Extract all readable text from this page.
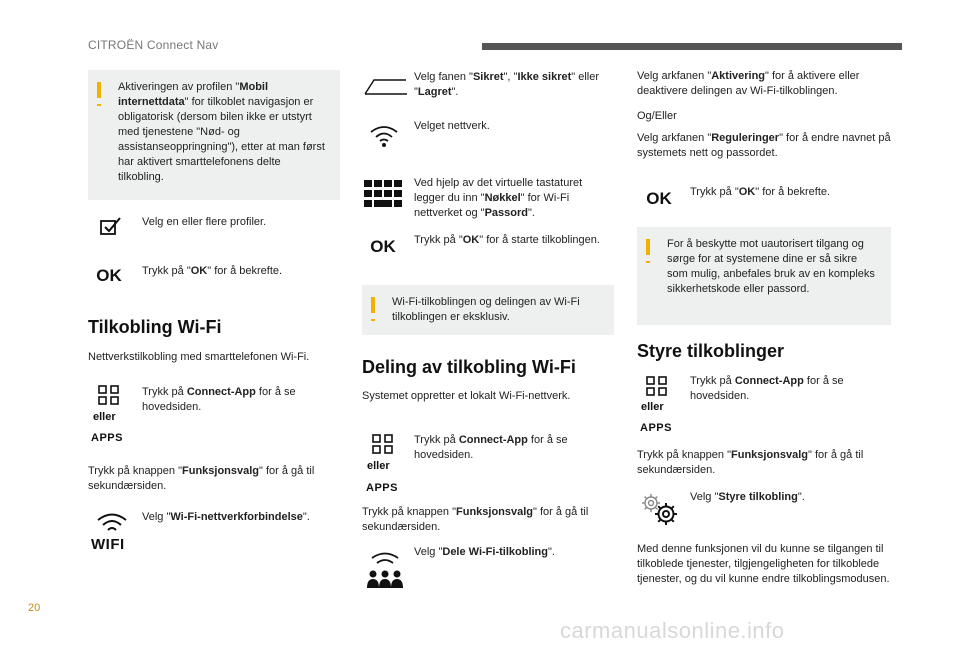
CITROËN Connect Nav
Aktiveringen av profilen "Mobil internettdata" for tilkoblet navigasjon er obligatorisk (dersom bilen ikke er utstyrt med tjenestene "Nød- og assistanseoppringning"), etter at man først har aktivert smarttelefonens delte tilkobling.
Velg en eller flere profiler.
OK	Trykk på "OK" for å bekrefte.
Tilkobling Wi-Fi
Nettverkstilkobling med smarttelefonen Wi-Fi.
eller
APPS
Trykk på Connect-App for å se hovedsiden.
Trykk på knappen "Funksjonsvalg" for å gå til sekundærsiden.
WIFI
Velg "Wi-Fi-nettverkforbindelse".
Velg fanen "Sikret", "Ikke sikret" eller "Lagret".
Velget nettverk.
Ved hjelp av det virtuelle tastaturet legger du inn "Nøkkel" for Wi-Fi nettverket og "Passord".
OK	Trykk på "OK" for å starte tilkoblingen.
Wi-Fi-tilkoblingen og delingen av Wi-Fi tilkoblingen er eksklusiv.
Deling av tilkobling Wi-Fi
Systemet oppretter et lokalt Wi-Fi-nettverk.
eller
APPS
Trykk på Connect-App for å se hovedsiden.
Trykk på knappen "Funksjonsvalg" for å gå til sekundærsiden.
Velg "Dele Wi-Fi-tilkobling".
Velg arkfanen "Aktivering" for å aktivere eller deaktivere delingen av Wi-Fi-tilkoblingen.
Og/Eller
Velg arkfanen "Reguleringer" for å endre navnet på systemets nett og passordet.
OK	Trykk på "OK" for å bekrefte.
For å beskytte mot uautorisert tilgang og sørge for at systemene dine er så sikre som mulig, anbefales bruk av en kompleks sikkerhetskode eller passord.
Styre tilkoblinger
eller
APPS
Trykk på Connect-App for å se hovedsiden.
Trykk på knappen "Funksjonsvalg" for å gå til sekundærsiden.
Velg "Styre tilkobling".
Med denne funksjonen vil du kunne se tilgangen til tilkoblede tjenester, tilgjengeligheten for tilkoblede tjenester, og du vil kunne endre tilkoblingsmodusen.
20
carmanualsonline.info
